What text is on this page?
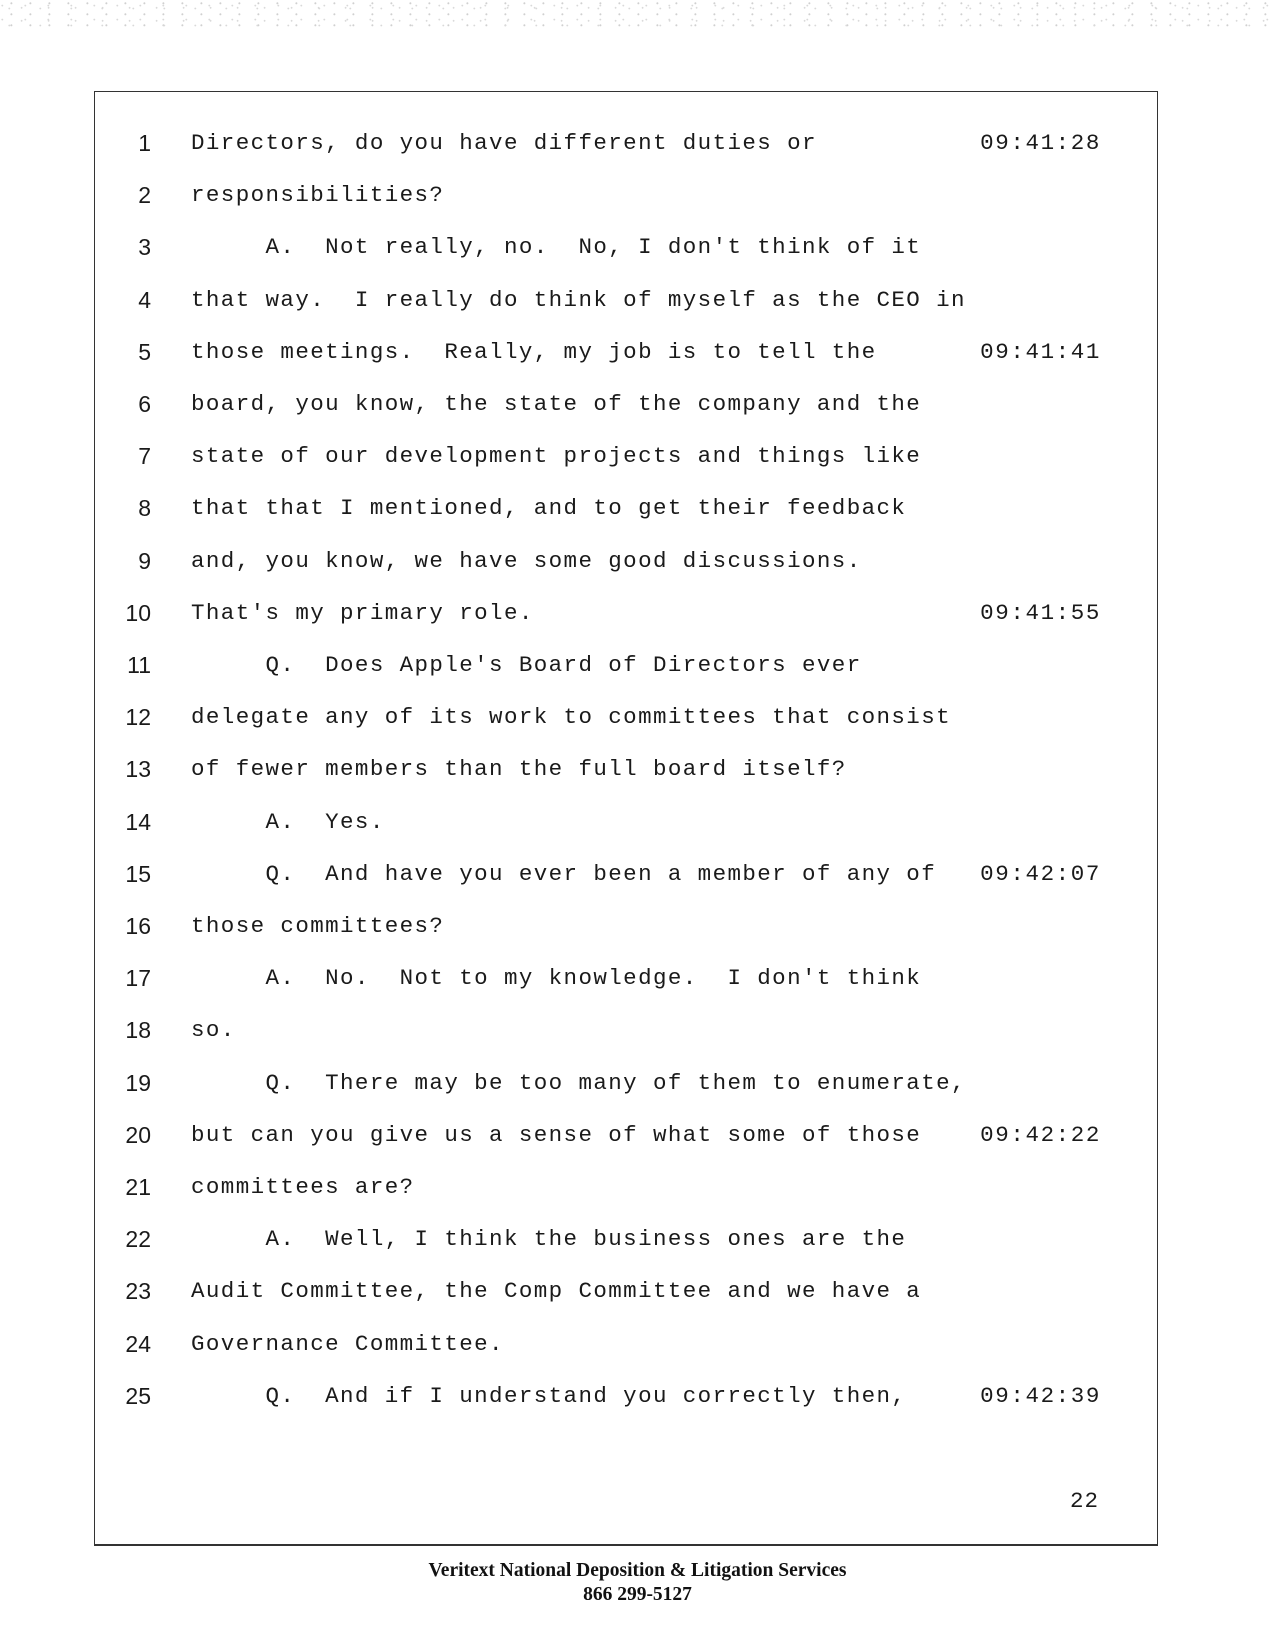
22
1 Directors, do you have different duties or	09:41:28
2 responsibilities?
3 A.  Not really, no.  No, I don't think of it
4 that way.  I really do think of myself as the CEO in
5 those meetings.  Really, my job is to tell the	09:41:41
6 board, you know, the state of the company and the
7 state of our development projects and things like
8 that that I mentioned, and to get their feedback
9 and, you know, we have some good discussions.
10 That's my primary role.	09:41:55
11 Q.  Does Apple's Board of Directors ever
12 delegate any of its work to committees that consist
13 of fewer members than the full board itself?
14 A.  Yes.
15 Q.  And have you ever been a member of any of 09:42:07
16 those committees?
17 A.  No.  Not to my knowledge.  I don't think
18 so.
19 Q.  There may be too many of them to enumerate,
20 but can you give us a sense of what some of those	09:42:22
21 committees are?
22 A.  Well, I think the business ones are the
23 Audit Committee, the Comp Committee and we have a
24 Governance Committee.
25 Q.  And if I understand you correctly then,	09:42:39
Veritext National Deposition & Litigation Services
866 299-5127
